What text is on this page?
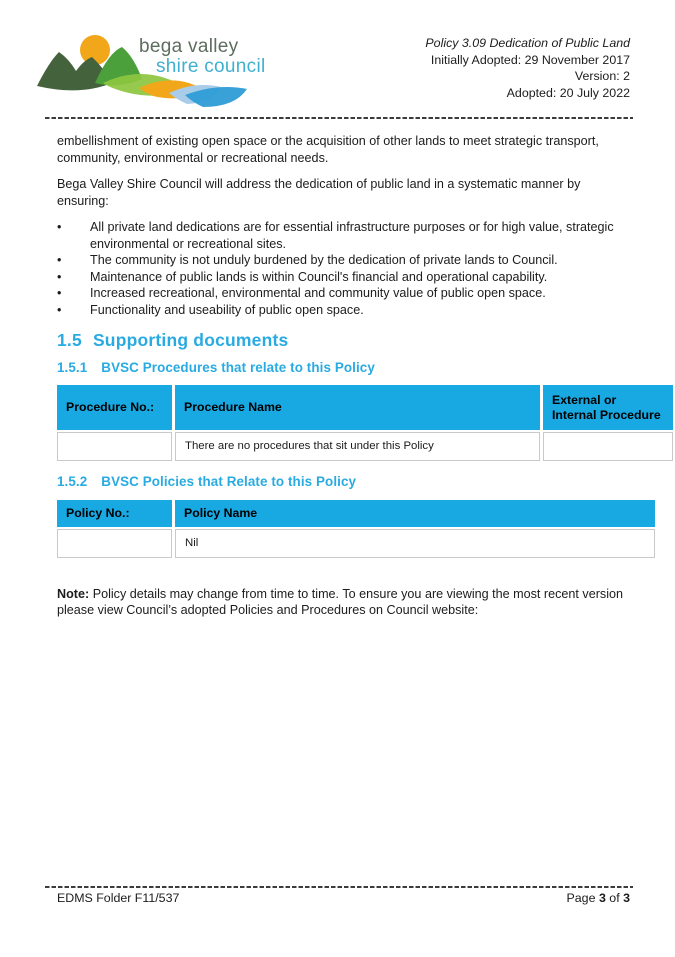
bega valley
shire council
Policy 3.09 Dedication of Public Land
Initially Adopted: 29 November 2017
Version: 2
Adopted: 20 July 2022

embellishment of existing open space or the acquisition of other lands to meet strategic transport, community, environmental or recreational needs.

Bega Valley Shire Council will address the dedication of public land in a systematic manner by ensuring:

•	All private land dedications are for essential infrastructure purposes or for high value, strategic environmental or recreational sites.
•	The community is not unduly burdened by the dedication of private lands to Council.
•	Maintenance of public lands is within Council's financial and operational capability.
•	Increased recreational, environmental and community value of public open space.
•	Functionality and useability of public open space.
1.5 Supporting documents
1.5.1 BVSC Procedures that relate to this Policy
Procedure No.:	Procedure Name	External or Internal Procedure
	There are no procedures that sit under this Policy	
1.5.2 BVSC Policies that Relate to this Policy
Policy No.:	Policy Name
	Nil

Note: Policy details may change from time to time. To ensure you are viewing the most recent version please view Council’s adopted Policies and Procedures on Council website:

EDMS Folder F11/537	Page 3 of 3
